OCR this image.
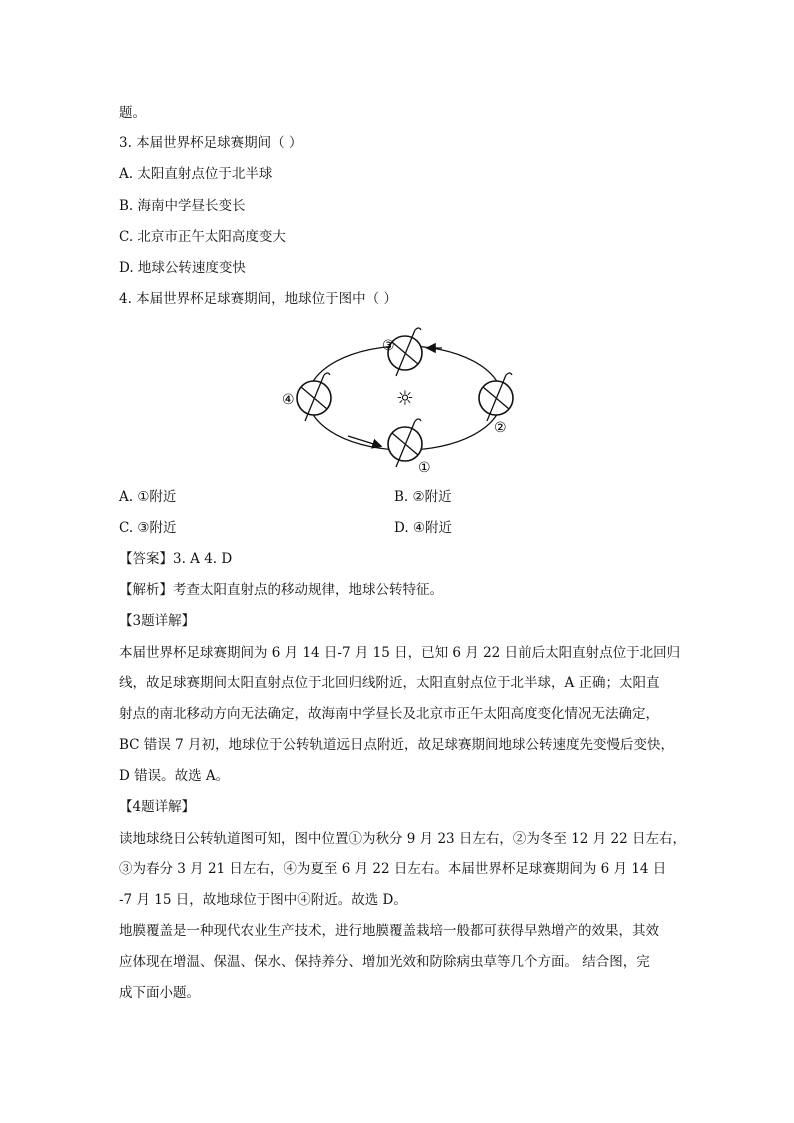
题。
3. 本届世界杯足球赛期间（ ）
A. 太阳直射点位于北半球
B. 海南中学昼长变长
C. 北京市正午太阳高度变大
D. 地球公转速度变快
4. 本届世界杯足球赛期间，地球位于图中（ ）
☼
③
②
④
①
A. ①附近	B. ②附近
C. ③附近	D. ④附近
【答案】3. A 4. D
【解析】考查太阳直射点的移动规律，地球公转特征。
【3题详解】
本届世界杯足球赛期间为 6 月 14 日-7 月 15 日，已知 6 月 22 日前后太阳直射点位于北回归
线，故足球赛期间太阳直射点位于北回归线附近，太阳直射点位于北半球，A 正确；太阳直
射点的南北移动方向无法确定，故海南中学昼长及北京市正午太阳高度变化情况无法确定，
BC 错误 7 月初，地球位于公转轨道远日点附近，故足球赛期间地球公转速度先变慢后变快，
D 错误。故选 A。
【4题详解】
读地球绕日公转轨道图可知，图中位置①为秋分 9 月 23 日左右，②为冬至 12 月 22 日左右，
③为春分 3 月 21 日左右，④为夏至 6 月 22 日左右。本届世界杯足球赛期间为 6 月 14 日
-7 月 15 日，故地球位于图中④附近。故选 D。
地膜覆盖是一种现代农业生产技术，进行地膜覆盖栽培一般都可获得早熟增产的效果，其效
应体现在增温、保温、保水、保持养分、增加光效和防除病虫草等几个方面。 结合图，完
成下面小题。
